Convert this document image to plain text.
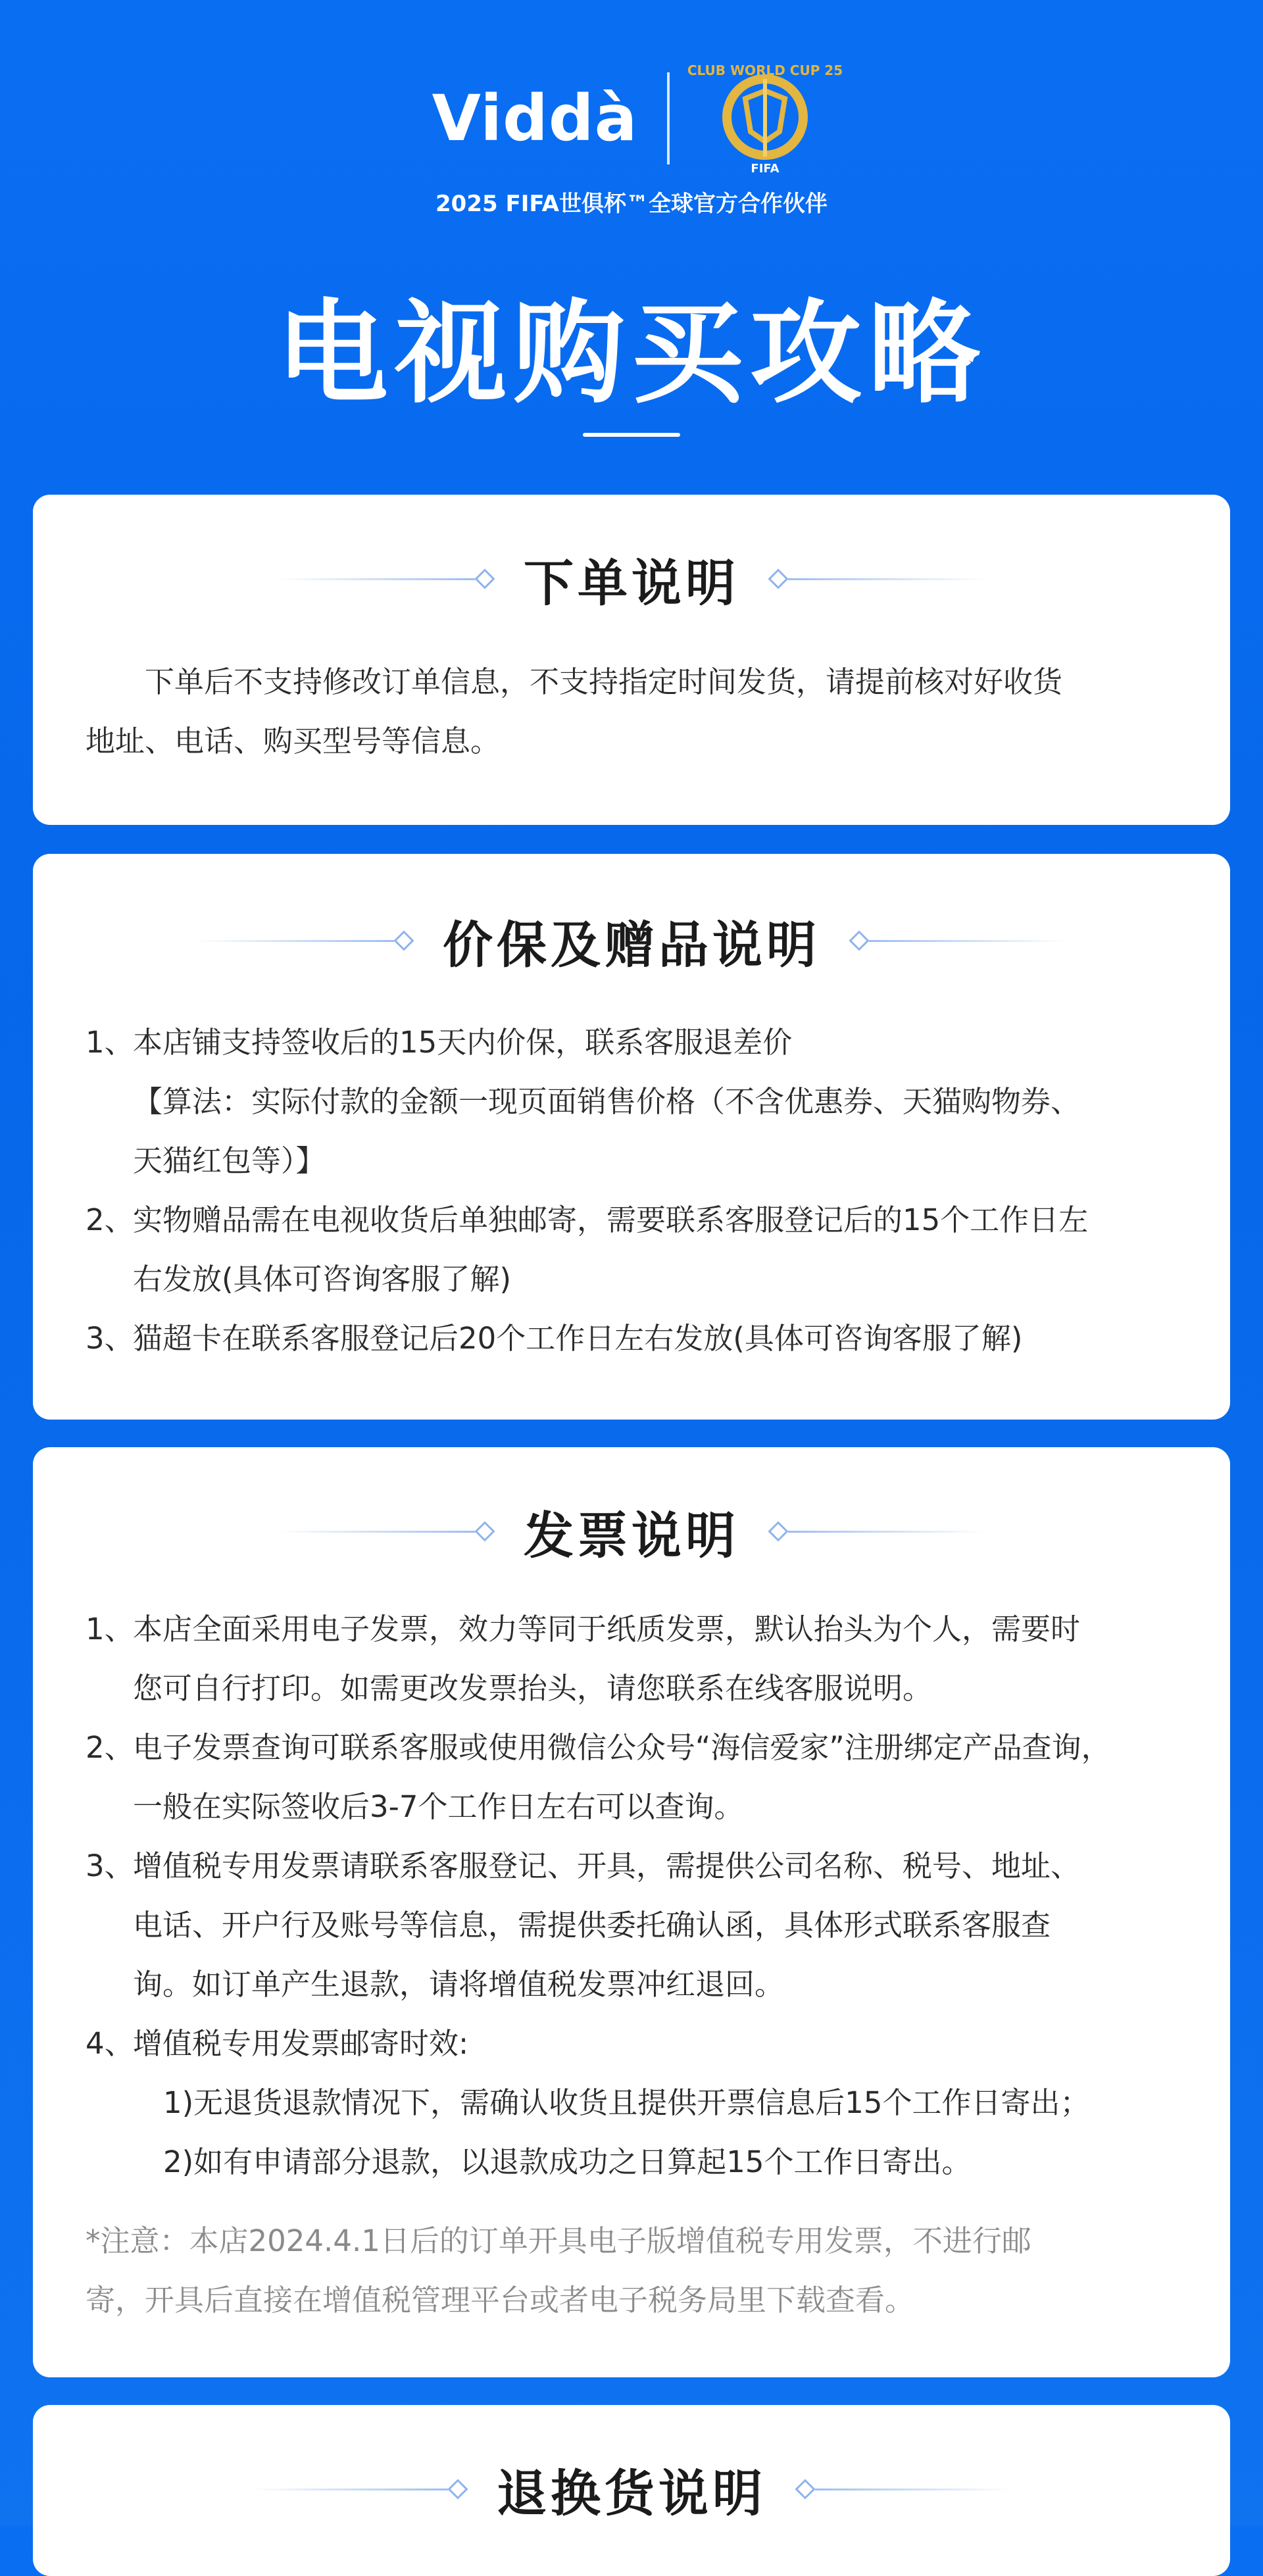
Viddà
CLUB WORLD CUP 25
FIFA
2025 FIFA世俱杯™全球官方合作伙伴
电视购买攻略
下单说明
下单后不支持修改订单信息，不支持指定时间发货，请提前核对好收货
地址、电话、购买型号等信息。
价保及赠品说明
1、
本店铺支持签收后的15天内价保，联系客服退差价
【算法：实际付款的金额一现页面销售价格（不含优惠券、天猫购物券、
天猫红包等）】
2、
实物赠品需在电视收货后单独邮寄，需要联系客服登记后的15个工作日左
右发放(具体可咨询客服了解)
3、
猫超卡在联系客服登记后20个工作日左右发放(具体可咨询客服了解)
发票说明
1、
本店全面采用电子发票，效力等同于纸质发票，默认抬头为个人，需要时
您可自行打印。如需更改发票抬头，请您联系在线客服说明。
2、
电子发票查询可联系客服或使用微信公众号“海信爱家”注册绑定产品查询，
一般在实际签收后3-7个工作日左右可以查询。
3、
增值税专用发票请联系客服登记、开具，需提供公司名称、税号、地址、
电话、开户行及账号等信息，需提供委托确认函，具体形式联系客服查
询。如订单产生退款，请将增值税发票冲红退回。
4、
增值税专用发票邮寄时效:
1)无退货退款情况下，需确认收货且提供开票信息后15个工作日寄出；
2)如有申请部分退款，以退款成功之日算起15个工作日寄出。
*注意：本店2024.4.1日后的订单开具电子版增值税专用发票，不进行邮
寄，开具后直接在增值税管理平台或者电子税务局里下载查看。
退换货说明
